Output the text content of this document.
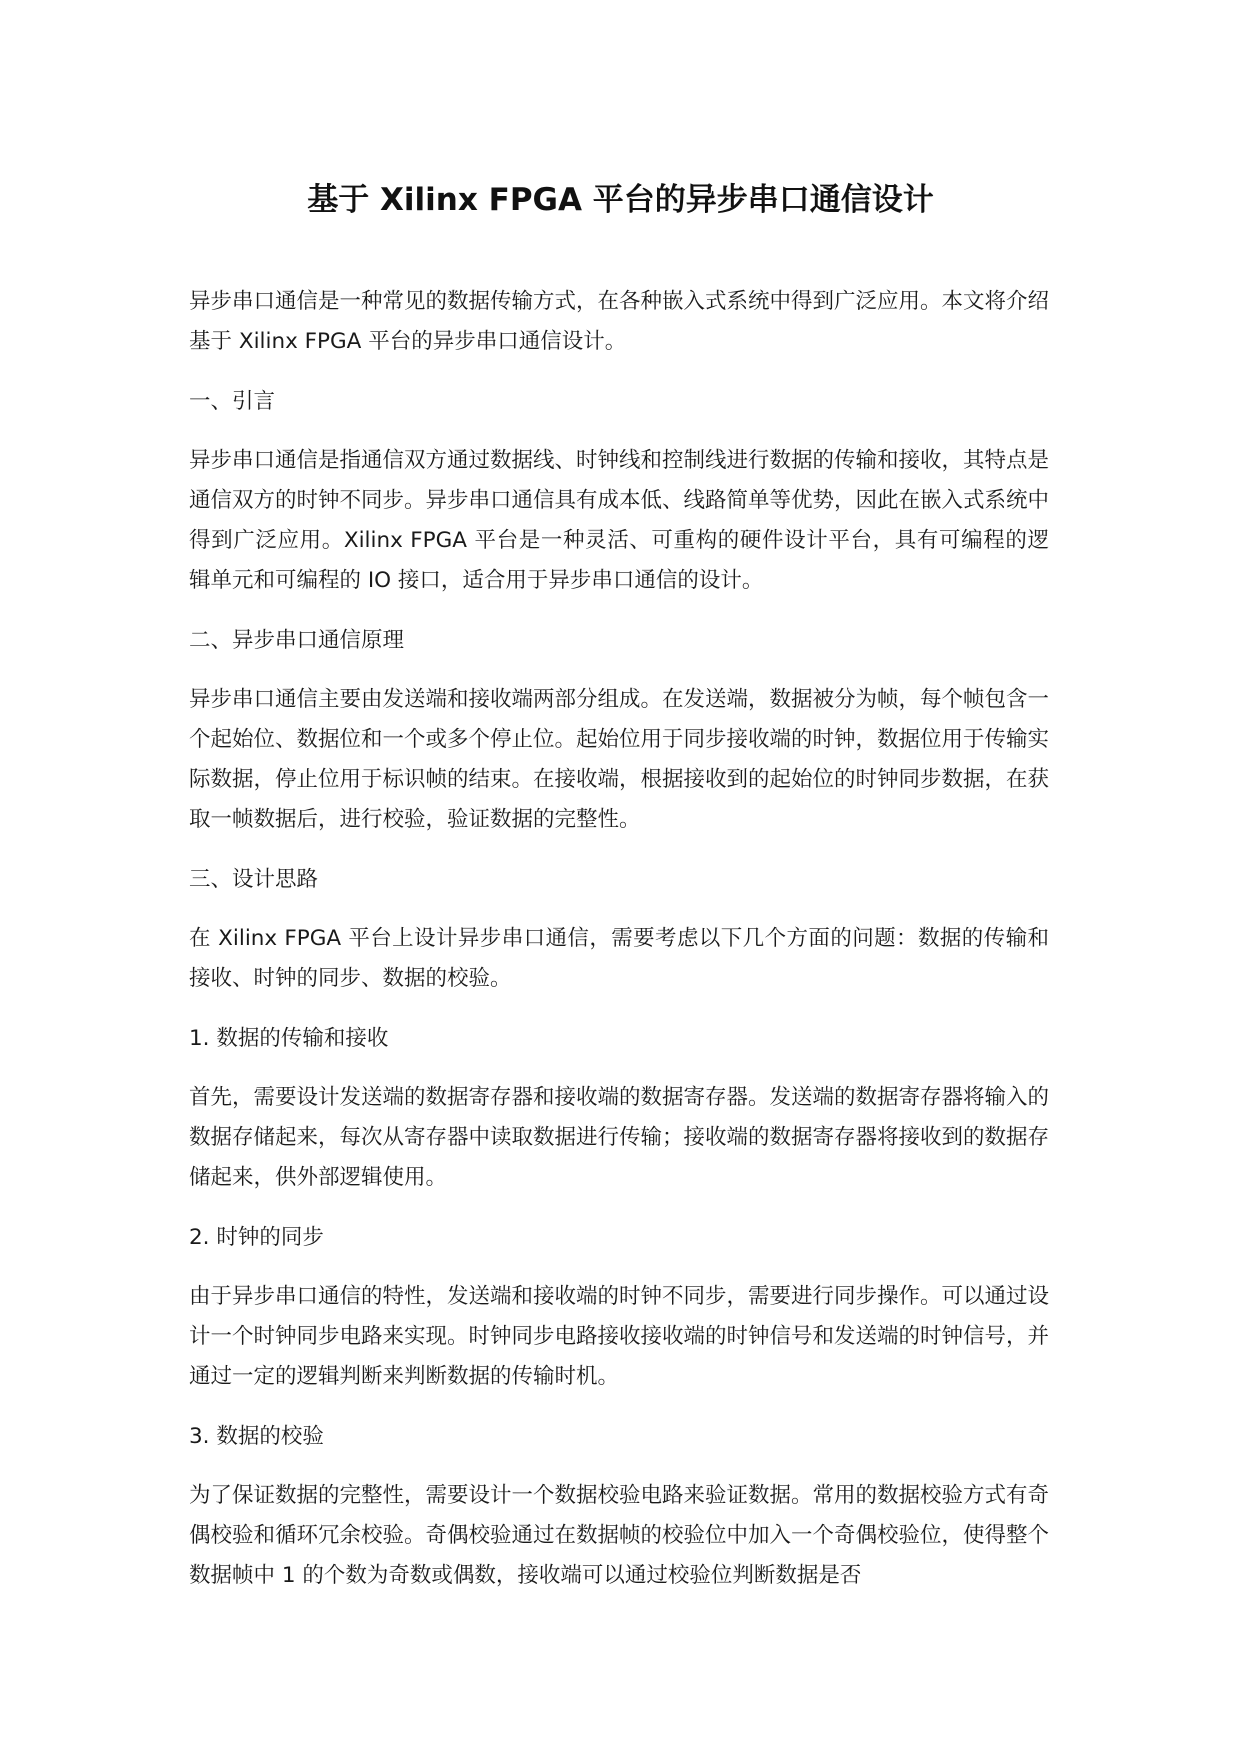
基于 Xilinx FPGA 平台的异步串口通信设计

异步串口通信是一种常见的数据传输方式，在各种嵌入式系统中得到广泛应用。本文将介绍基于 Xilinx FPGA 平台的异步串口通信设计。

一、引言

异步串口通信是指通信双方通过数据线、时钟线和控制线进行数据的传输和接收，其特点是通信双方的时钟不同步。异步串口通信具有成本低、线路简单等优势，因此在嵌入式系统中得到广泛应用。Xilinx FPGA 平台是一种灵活、可重构的硬件设计平台，具有可编程的逻辑单元和可编程的 IO 接口，适合用于异步串口通信的设计。

二、异步串口通信原理

异步串口通信主要由发送端和接收端两部分组成。在发送端，数据被分为帧，每个帧包含一个起始位、数据位和一个或多个停止位。起始位用于同步接收端的时钟，数据位用于传输实际数据，停止位用于标识帧的结束。在接收端，根据接收到的起始位的时钟同步数据，在获取一帧数据后，进行校验，验证数据的完整性。

三、设计思路

在 Xilinx FPGA 平台上设计异步串口通信，需要考虑以下几个方面的问题：数据的传输和接收、时钟的同步、数据的校验。

1. 数据的传输和接收

首先，需要设计发送端的数据寄存器和接收端的数据寄存器。发送端的数据寄存器将输入的数据存储起来，每次从寄存器中读取数据进行传输；接收端的数据寄存器将接收到的数据存储起来，供外部逻辑使用。

2. 时钟的同步

由于异步串口通信的特性，发送端和接收端的时钟不同步，需要进行同步操作。可以通过设计一个时钟同步电路来实现。时钟同步电路接收接收端的时钟信号和发送端的时钟信号，并通过一定的逻辑判断来判断数据的传输时机。

3. 数据的校验

为了保证数据的完整性，需要设计一个数据校验电路来验证数据。常用的数据校验方式有奇偶校验和循环冗余校验。奇偶校验通过在数据帧的校验位中加入一个奇偶校验位，使得整个数据帧中 1 的个数为奇数或偶数，接收端可以通过校验位判断数据是否
